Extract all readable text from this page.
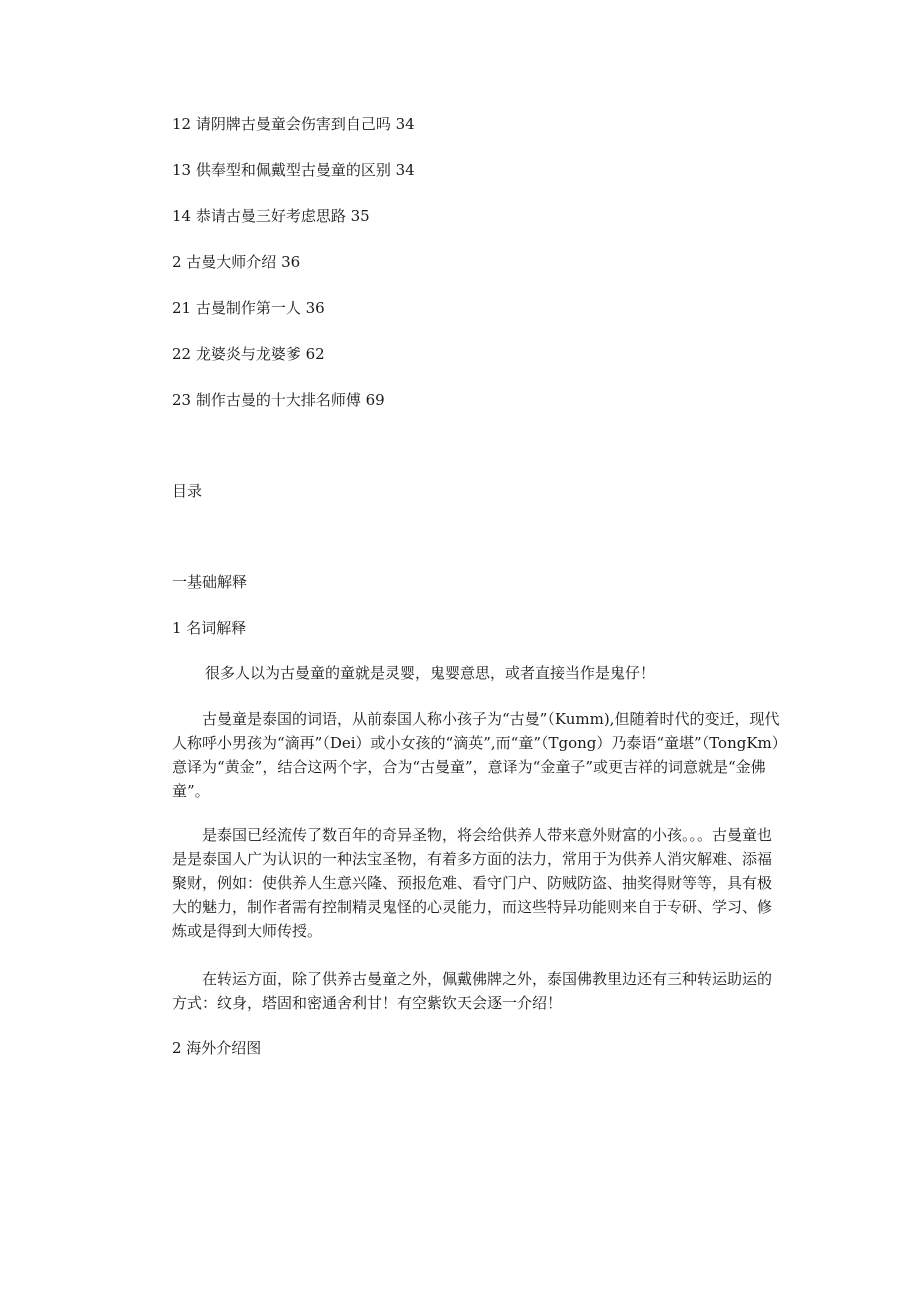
12 请阴牌古曼童会伤害到自己吗 34

13 供奉型和佩戴型古曼童的区别 34

14 恭请古曼三好考虑思路 35

2 古曼大师介绍 36

21 古曼制作第一人 36

22 龙婆炎与龙婆爹 62

23 制作古曼的十大排名师傅 69

目录

一基础解释

1 名词解释

很多人以为古曼童的童就是灵婴，鬼婴意思，或者直接当作是鬼仔！

古曼童是泰国的词语，从前泰国人称小孩子为“古曼”（Kumm),但随着时代的变迁，现代人称呼小男孩为“滴再”（Dei）或小女孩的“滴英”,而“童”（Tgong）乃泰语“童堪”（TongKm）意译为“黄金”，结合这两个字，合为“古曼童”，意译为“金童子”或更吉祥的词意就是“金佛童”。

是泰国已经流传了数百年的奇异圣物，将会给供养人带来意外财富的小孩。。。古曼童也是是泰国人广为认识的一种法宝圣物，有着多方面的法力，常用于为供养人消灾解难、添福聚财，例如：使供养人生意兴隆、预报危难、看守门户、防贼防盗、抽奖得财等等，具有极大的魅力，制作者需有控制精灵鬼怪的心灵能力，而这些特异功能则来自于专研、学习、修炼或是得到大师传授。

在转运方面，除了供养古曼童之外，佩戴佛牌之外，泰国佛教里边还有三种转运助运的方式：纹身，塔固和密通舍利甘！有空紫钦天会逐一介绍！

2 海外介绍图
